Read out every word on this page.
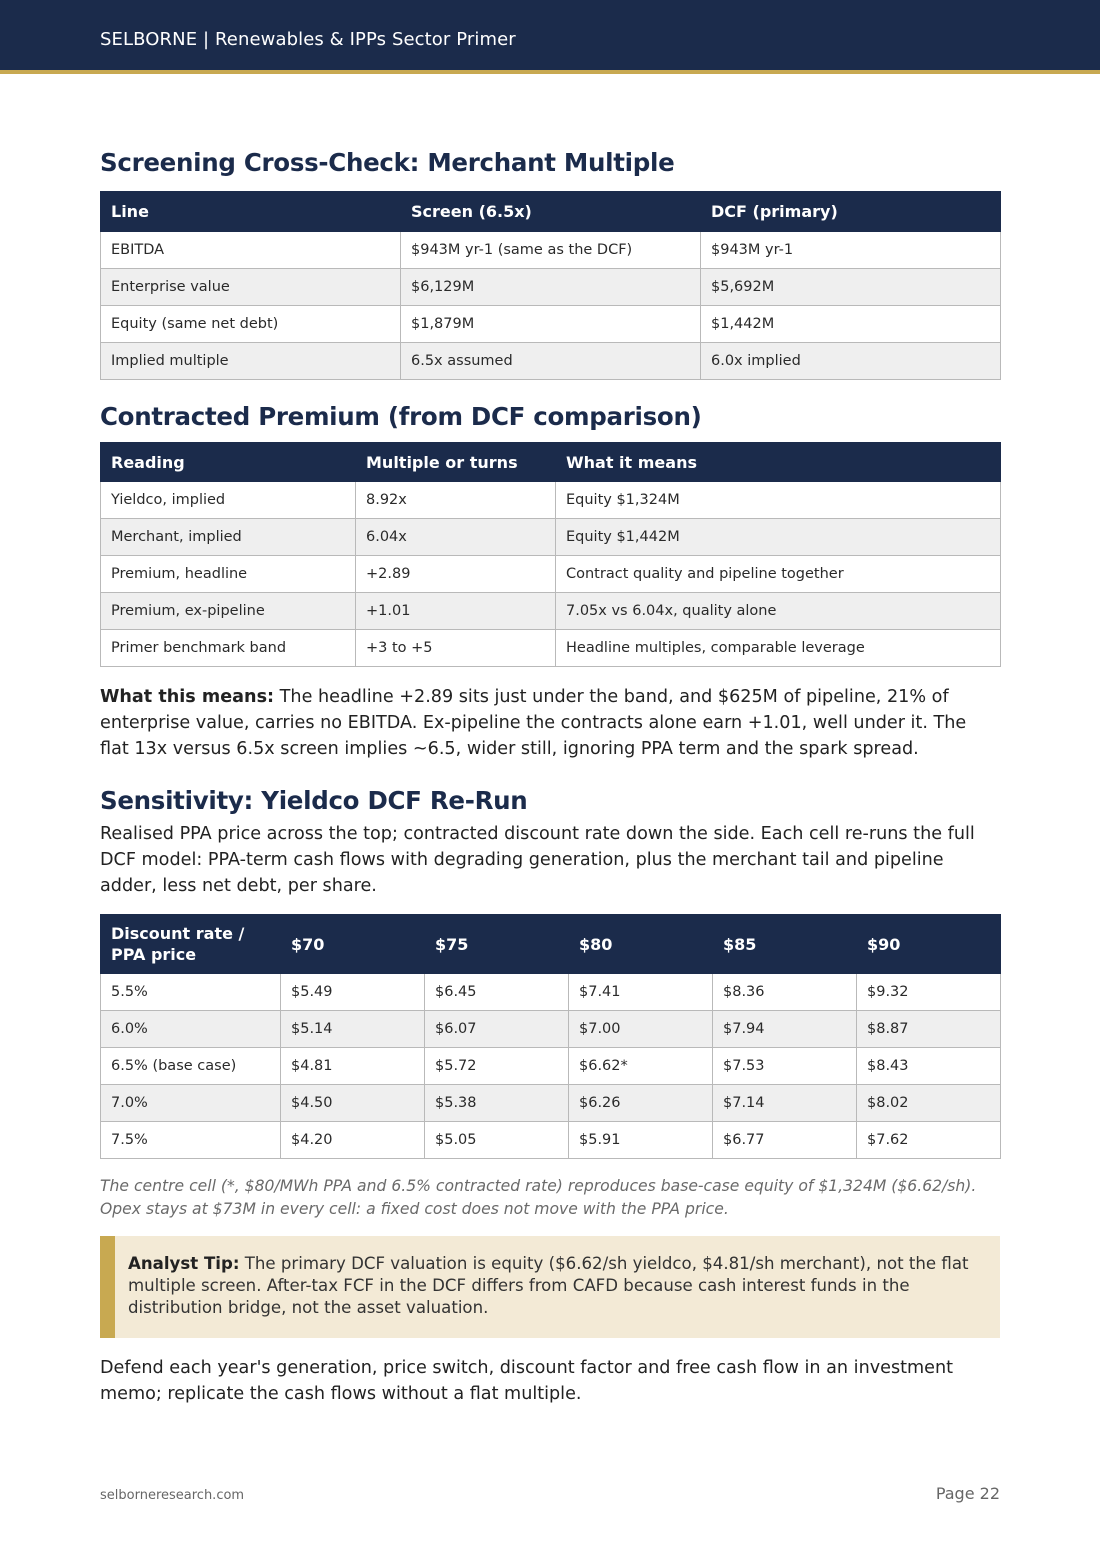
SELBORNE | Renewables & IPPs Sector Primer
Screening Cross-Check: Merchant Multiple
Line	Screen (6.5x)	DCF (primary)
EBITDA	$943M yr-1 (same as the DCF)	$943M yr-1
Enterprise value	$6,129M	$5,692M
Equity (same net debt)	$1,879M	$1,442M
Implied multiple	6.5x assumed	6.0x implied
Contracted Premium (from DCF comparison)
Reading	Multiple or turns	What it means
Yieldco, implied	8.92x	Equity $1,324M
Merchant, implied	6.04x	Equity $1,442M
Premium, headline	+2.89	Contract quality and pipeline together
Premium, ex-pipeline	+1.01	7.05x vs 6.04x, quality alone
Primer benchmark band	+3 to +5	Headline multiples, comparable leverage

What this means: The headline +2.89 sits just under the band, and $625M of pipeline, 21% of enterprise value, carries no EBITDA. Ex-pipeline the contracts alone earn +1.01, well under it. The flat 13x versus 6.5x screen implies ~6.5, wider still, ignoring PPA term and the spark spread.

Sensitivity: Yieldco DCF Re-Run

Realised PPA price across the top; contracted discount rate down the side. Each cell re-runs the full DCF model: PPA-term cash flows with degrading generation, plus the merchant tail and pipeline adder, less net debt, per share.

Discount rate /
PPA price	$70	$75	$80	$85	$90
5.5%	$5.49	$6.45	$7.41	$8.36	$9.32
6.0%	$5.14	$6.07	$7.00	$7.94	$8.87
6.5% (base case)	$4.81	$5.72	$6.62*	$7.53	$8.43
7.0%	$4.50	$5.38	$6.26	$7.14	$8.02
7.5%	$4.20	$5.05	$5.91	$6.77	$7.62

The centre cell (*, $80/MWh PPA and 6.5% contracted rate) reproduces base-case equity of $1,324M ($6.62/sh). Opex stays at $73M in every cell: a fixed cost does not move with the PPA price.

Analyst Tip: The primary DCF valuation is equity ($6.62/sh yieldco, $4.81/sh merchant), not the flat multiple screen. After-tax FCF in the DCF differs from CAFD because cash interest funds in the distribution bridge, not the asset valuation.

Defend each year's generation, price switch, discount factor and free cash flow in an investment memo; replicate the cash flows without a flat multiple.

selborneresearch.com	Page 22
